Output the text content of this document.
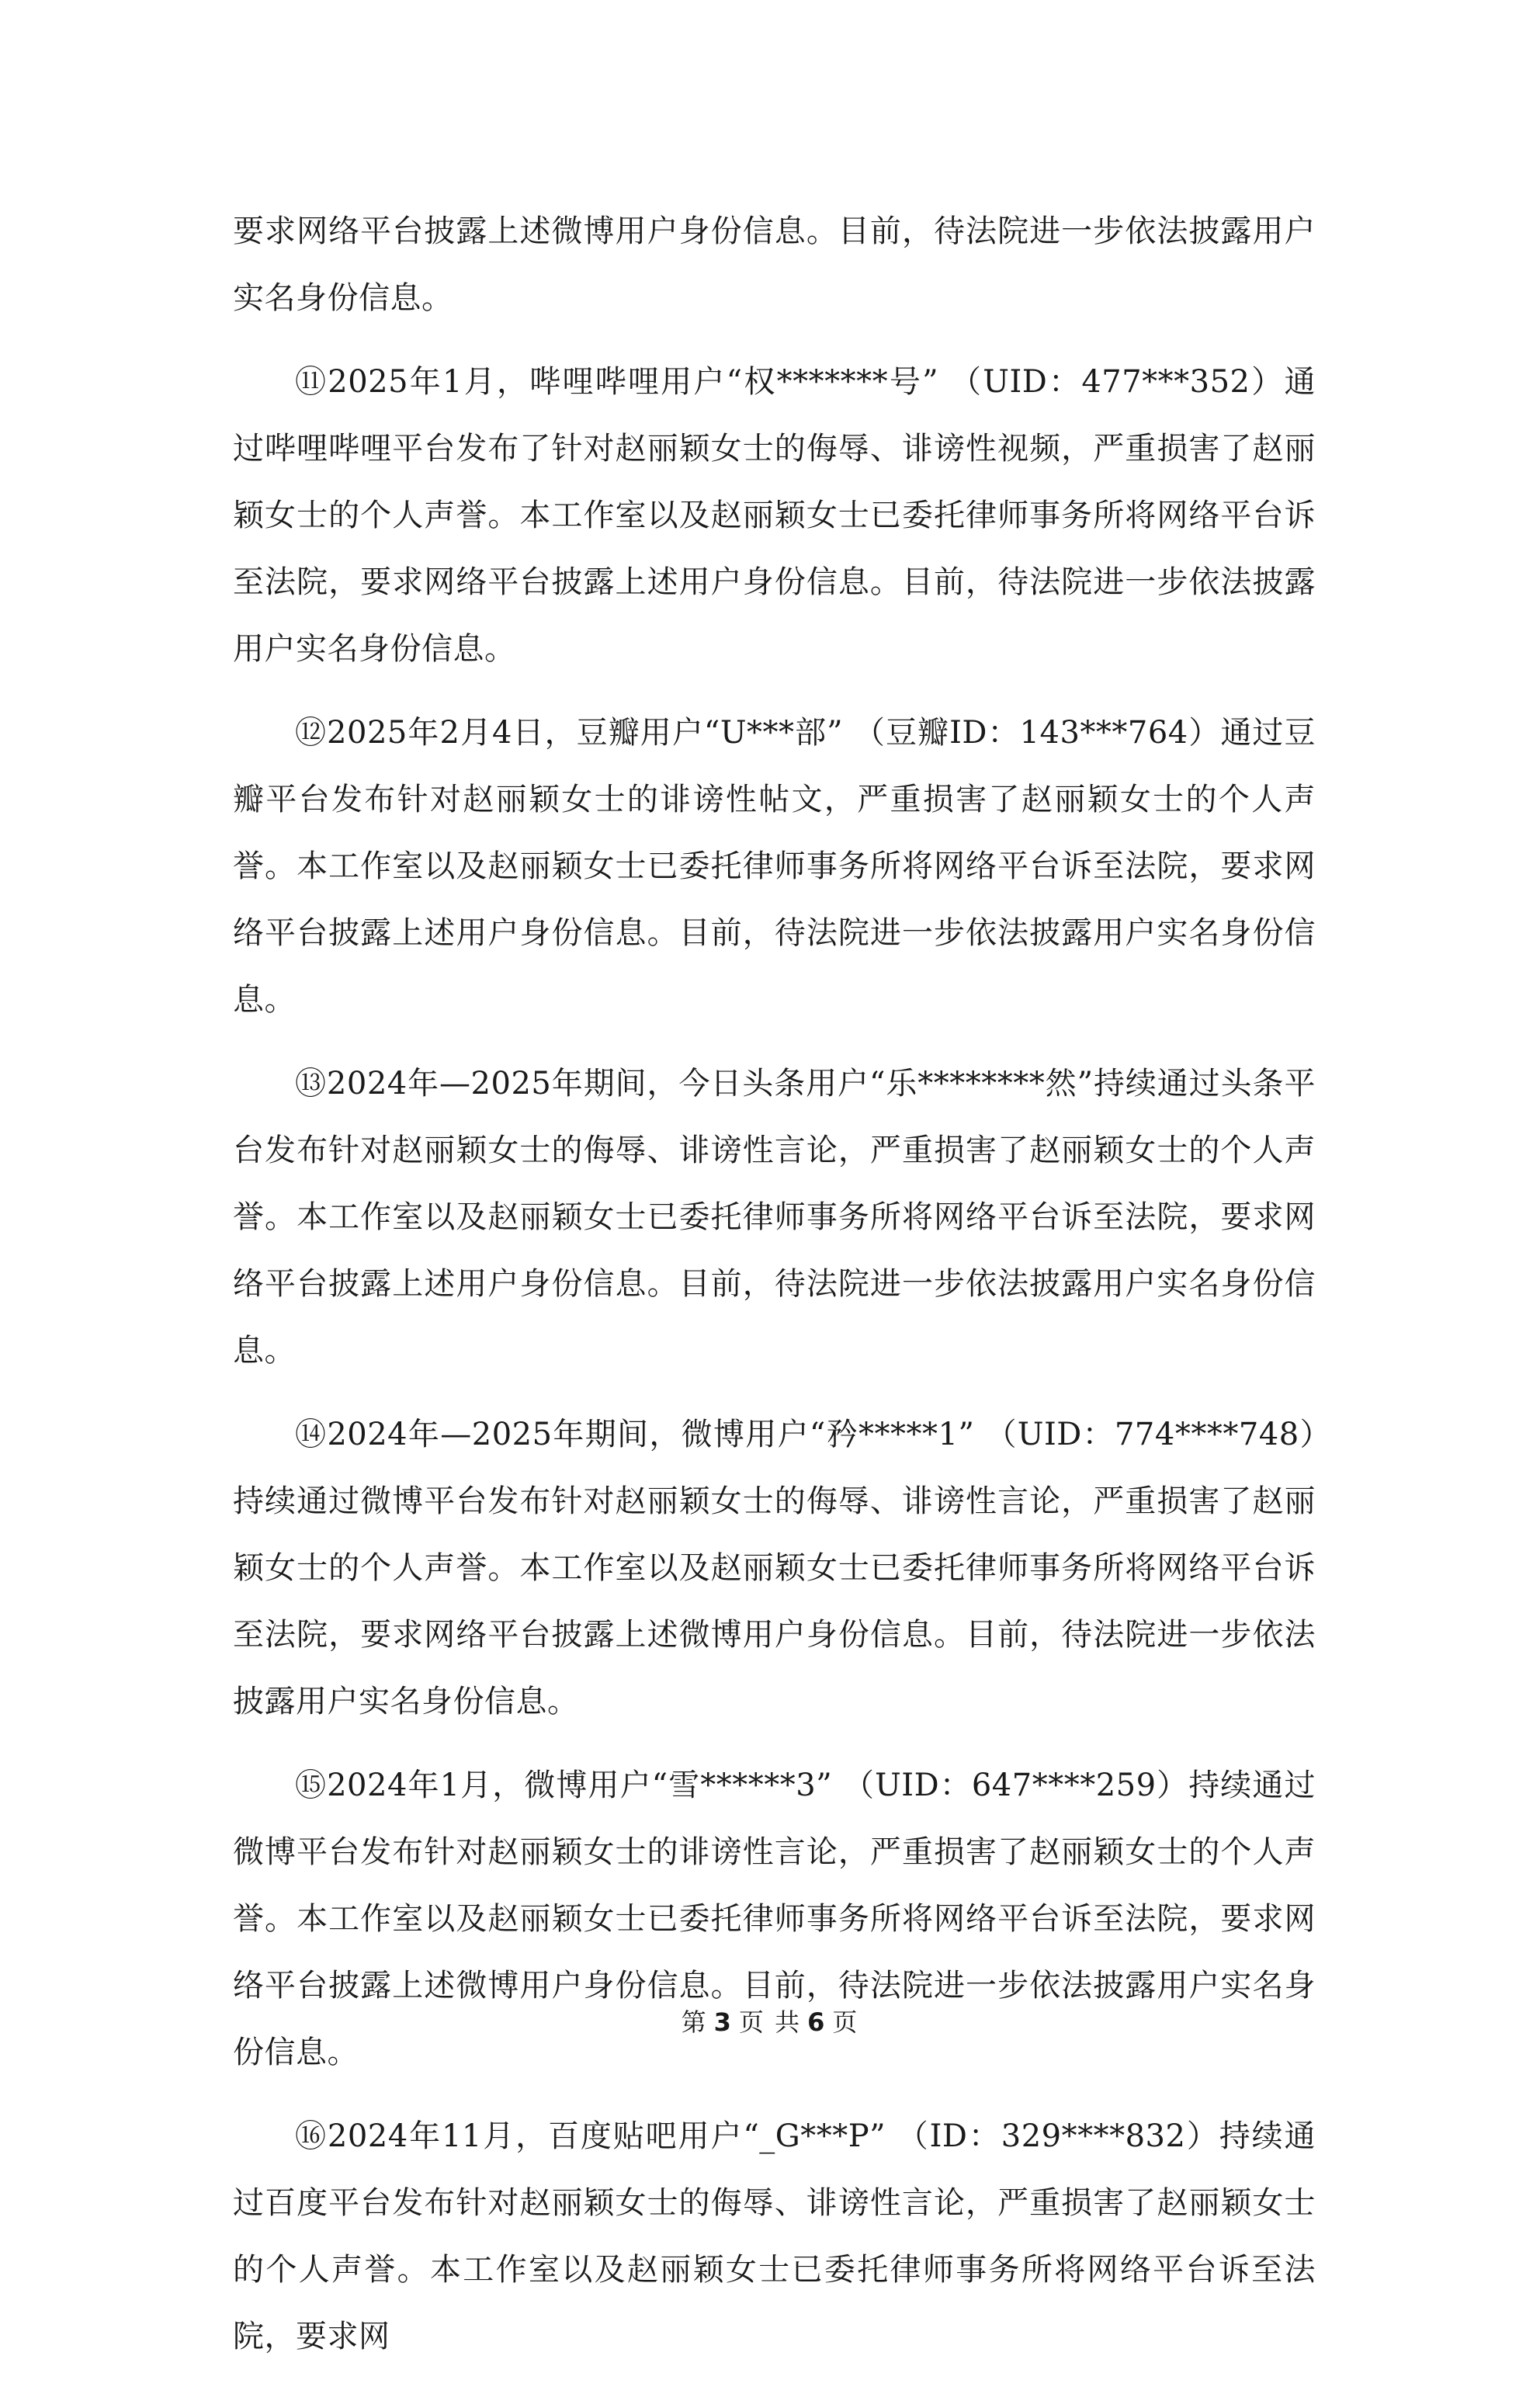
要求网络平台披露上述微博用户身份信息。目前，待法院进一步依法披露用户实名身份信息。

⑪2025年1月，哔哩哔哩用户“权*******号” （UID：477***352）通过哔哩哔哩平台发布了针对赵丽颖女士的侮辱、诽谤性视频，严重损害了赵丽颖女士的个人声誉。本工作室以及赵丽颖女士已委托律师事务所将网络平台诉至法院，要求网络平台披露上述用户身份信息。目前，待法院进一步依法披露用户实名身份信息。

⑫2025年2月4日，豆瓣用户“U***部” （豆瓣ID：143***764）通过豆瓣平台发布针对赵丽颖女士的诽谤性帖文，严重损害了赵丽颖女士的个人声誉。本工作室以及赵丽颖女士已委托律师事务所将网络平台诉至法院，要求网络平台披露上述用户身份信息。目前，待法院进一步依法披露用户实名身份信息。

⑬2024年—2025年期间，今日头条用户“乐********然”持续通过头条平台发布针对赵丽颖女士的侮辱、诽谤性言论，严重损害了赵丽颖女士的个人声誉。本工作室以及赵丽颖女士已委托律师事务所将网络平台诉至法院，要求网络平台披露上述用户身份信息。目前，待法院进一步依法披露用户实名身份信息。

⑭2024年—2025年期间，微博用户“矜*****1” （UID：774****748）持续通过微博平台发布针对赵丽颖女士的侮辱、诽谤性言论，严重损害了赵丽颖女士的个人声誉。本工作室以及赵丽颖女士已委托律师事务所将网络平台诉至法院，要求网络平台披露上述微博用户身份信息。目前，待法院进一步依法披露用户实名身份信息。

⑮2024年1月，微博用户“雪******3” （UID：647****259）持续通过微博平台发布针对赵丽颖女士的诽谤性言论，严重损害了赵丽颖女士的个人声誉。本工作室以及赵丽颖女士已委托律师事务所将网络平台诉至法院，要求网络平台披露上述微博用户身份信息。目前，待法院进一步依法披露用户实名身份信息。

⑯2024年11月，百度贴吧用户“_G***P” （ID：329****832）持续通过百度平台发布针对赵丽颖女士的侮辱、诽谤性言论，严重损害了赵丽颖女士的个人声誉。本工作室以及赵丽颖女士已委托律师事务所将网络平台诉至法院，要求网

第 3 页 共 6 页
